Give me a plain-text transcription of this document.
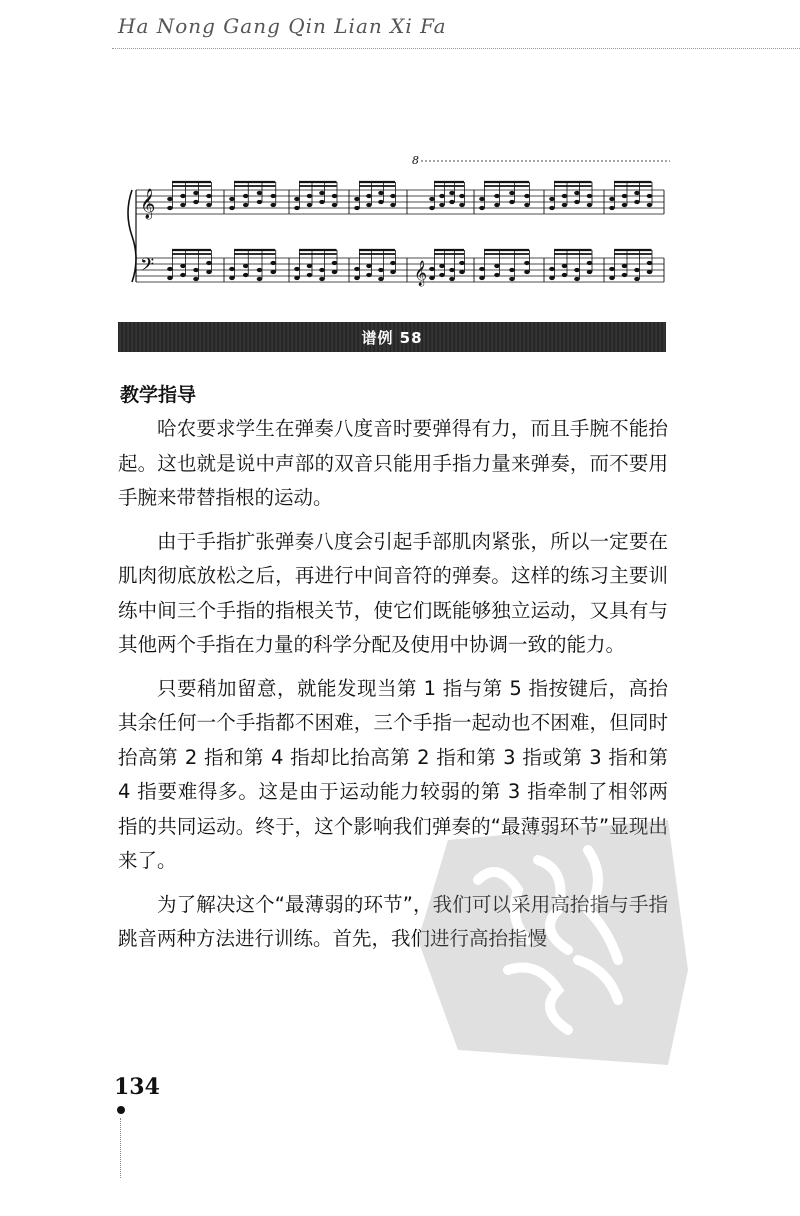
Ha Nong Gang Qin Lian Xi Fa
8
𝄞
𝄢	𝄞
谱例 58
教学指导

哈农要求学生在弹奏八度音时要弹得有力，而且手腕不能抬起。这也就是说中声部的双音只能用手指力量来弹奏，而不要用手腕来带替指根的运动。

由于手指扩张弹奏八度会引起手部肌肉紧张，所以一定要在肌肉彻底放松之后，再进行中间音符的弹奏。这样的练习主要训练中间三个手指的指根关节，使它们既能够独立运动，又具有与其他两个手指在力量的科学分配及使用中协调一致的能力。

只要稍加留意，就能发现当第 1 指与第 5 指按键后，高抬其余任何一个手指都不困难，三个手指一起动也不困难，但同时抬高第 2 指和第 4 指却比抬高第 2 指和第 3 指或第 3 指和第 4 指要难得多。这是由于运动能力较弱的第 3 指牵制了相邻两指的共同运动。终于，这个影响我们弹奏的“最薄弱环节”显现出来了。

为了解决这个“最薄弱的环节”，我们可以采用高抬指与手指跳音两种方法进行训练。首先，我们进行高抬指慢

134
